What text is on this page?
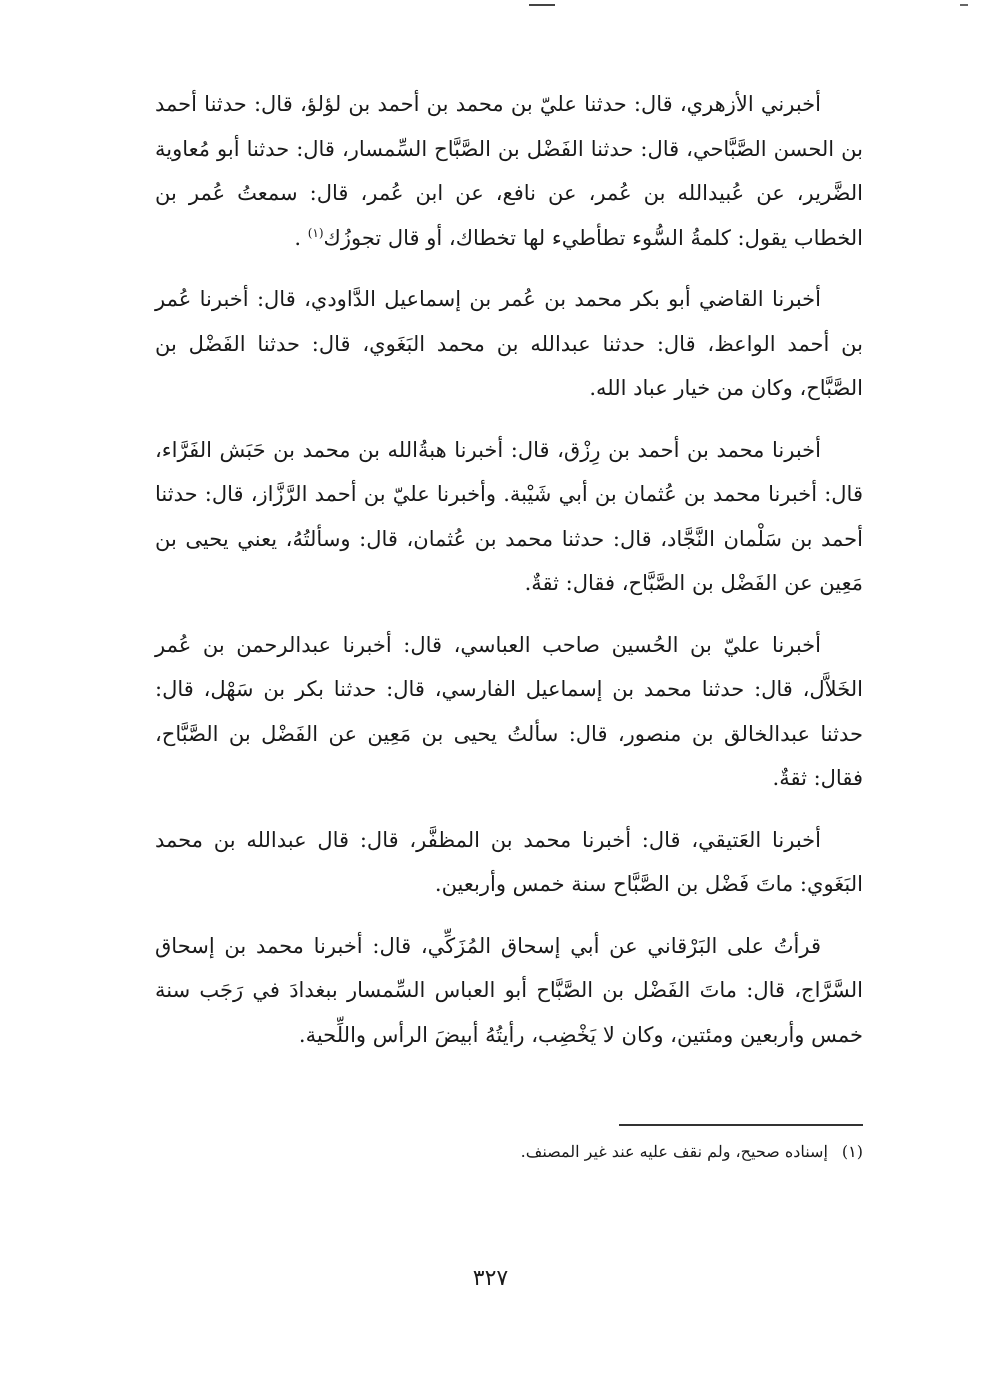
أخبرني الأزهري، قال: حدثنا عليّ بن محمد بن أحمد بن لؤلؤ، قال: حدثنا أحمد بن الحسن الصَّبَّاحي، قال: حدثنا الفَضْل بن الصَّبَّاح السِّمسار، قال: حدثنا أبو مُعاوية الضَّرير، عن عُبيدالله بن عُمر، عن نافع، عن ابن عُمر، قال: سمعتُ عُمر بن الخطاب يقول: كلمةُ السُّوء تطأطيء لها تخطاك، أو قال تجوزُك$^{(١)}$ .

أخبرنا القاضي أبو بكر محمد بن عُمر بن إسماعيل الدَّاودي، قال: أخبرنا عُمر بن أحمد الواعظ، قال: حدثنا عبدالله بن محمد البَغَوي، قال: حدثنا الفَضْل بن الصَّبَّاح، وكان من خيار عباد الله.

أخبرنا محمد بن أحمد بن رِزْق، قال: أخبرنا هبةُالله بن محمد بن حَبَش الفَرَّاء، قال: أخبرنا محمد بن عُثمان بن أبي شَيْبة. وأخبرنا عليّ بن أحمد الرَّزَّاز، قال: حدثنا أحمد بن سَلْمان النَّجَّاد، قال: حدثنا محمد بن عُثمان، قال: وسألتُهُ، يعني يحيى بن مَعِين عن الفَضْل بن الصَّبَّاح، فقال: ثقةٌ.

أخبرنا عليّ بن الحُسين صاحب العباسي، قال: أخبرنا عبدالرحمن بن عُمر الخَلاَّل، قال: حدثنا محمد بن إسماعيل الفارسي، قال: حدثنا بكر بن سَهْل، قال: حدثنا عبدالخالق بن منصور، قال: سألتُ يحيى بن مَعِين عن الفَضْل بن الصَّبَّاح، فقال: ثقةٌ.

أخبرنا العَتيقي، قال: أخبرنا محمد بن المظفَّر، قال: قال عبدالله بن محمد البَغَوي: ماتَ فَضْل بن الصَّبَّاح سنة خمس وأربعين.

قرأتُ على البَرْقاني عن أبي إسحاق المُزَكِّي، قال: أخبرنا محمد بن إسحاق السَّرَّاج، قال: ماتَ الفَضْل بن الصَّبَّاح أبو العباس السِّمسار ببغدادَ في رَجَب سنة خمس وأربعين ومئتين، وكان لا يَخْضِب، رأيتُهُ أبيضَ الرأس واللِّحية.

(١)إسناده صحيح، ولم نقف عليه عند غير المصنف.
٣٢٧
